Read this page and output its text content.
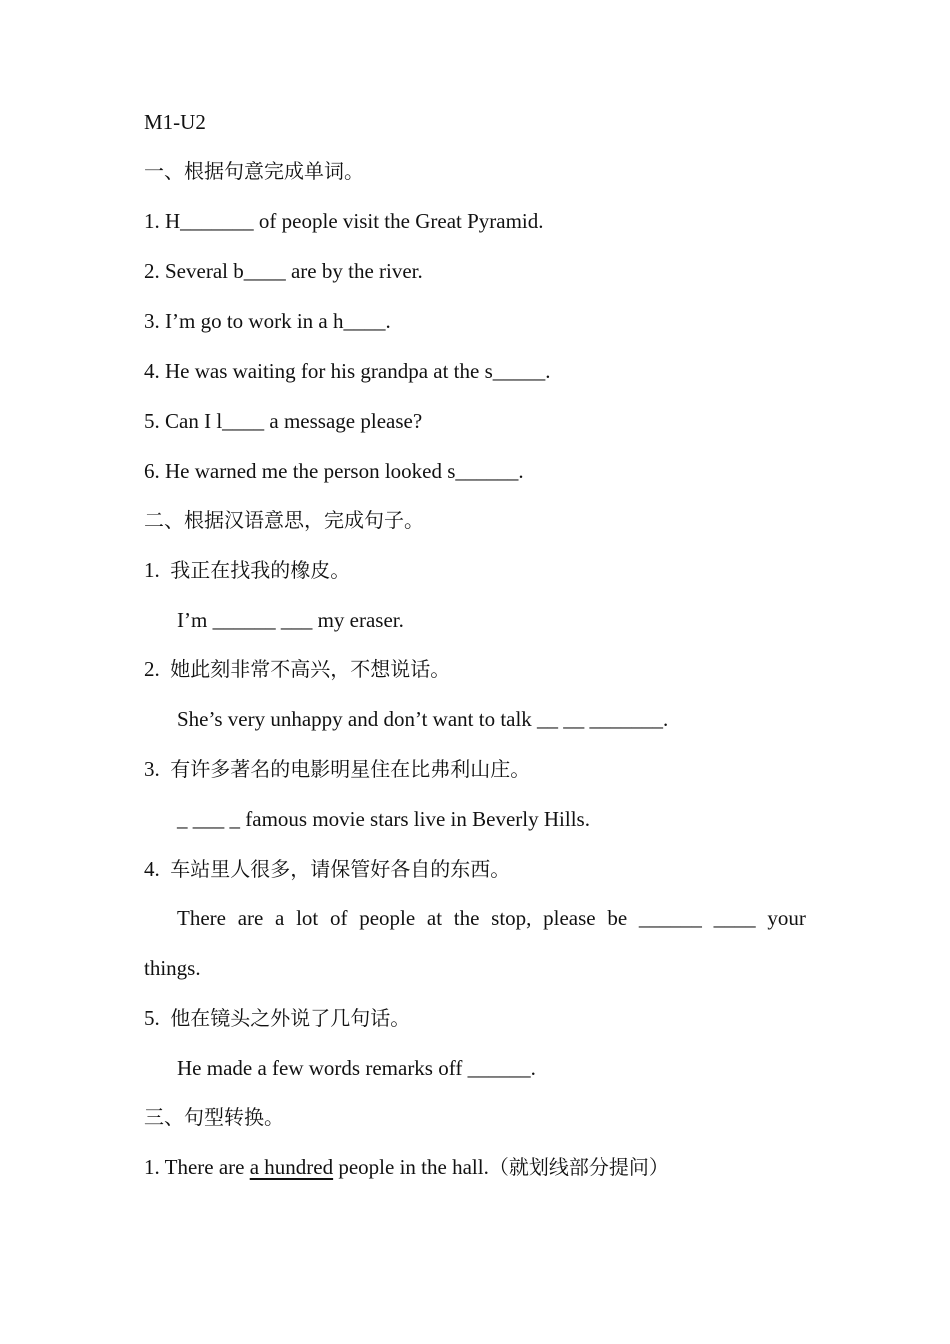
M1-U2
一、根据句意完成单词。
1. H_______ of people visit the Great Pyramid.
2. Several b____ are by the river.
3. I’m go to work in a h____.
4. He was waiting for his grandpa at the s_____.
5. Can I l____ a message please?
6. He warned me the person looked s______.
二、根据汉语意思，完成句子。
1. 我正在找我的橡皮。
I’m ______ ___ my eraser.
2. 她此刻非常不高兴，不想说话。
She’s very unhappy and don’t want to talk __ __ _______.
3. 有许多著名的电影明星住在比弗利山庄。
_ ___ _ famous movie stars live in Beverly Hills.
4. 车站里人很多，请保管好各自的东西。
There are a lot of people at the stop, please be ______ ____ your
things.
5. 他在镜头之外说了几句话。
He made a few words remarks off ______.
三、句型转换。
1. There are a hundred people in the hall.（就划线部分提问）
